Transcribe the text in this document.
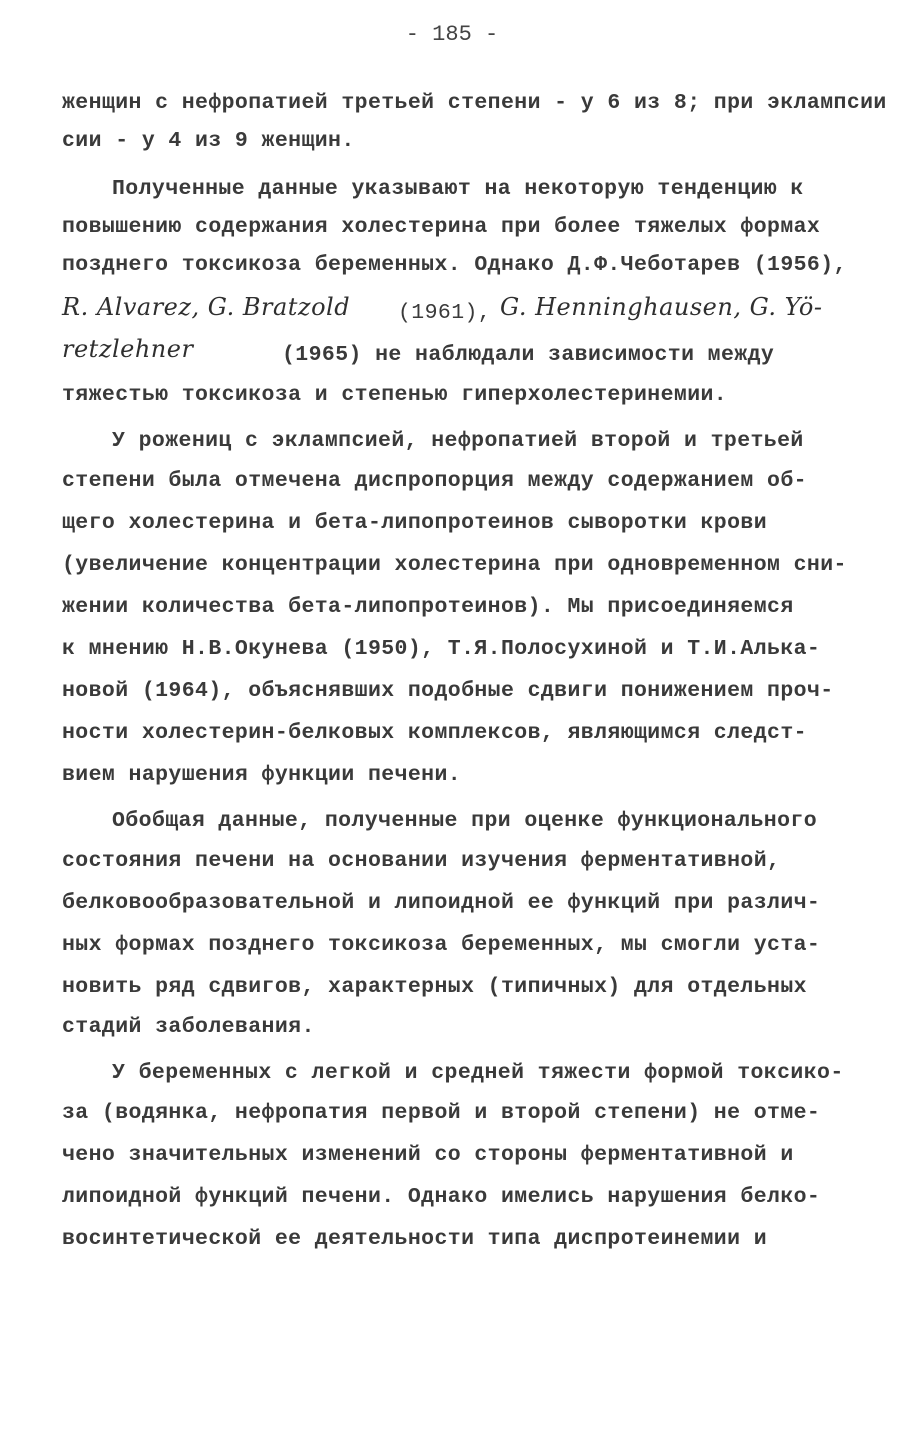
- 185 -
женщин с нефропатией третьей степени - у 6 из 8; при эклампсии
сии - у 4 из 9 женщин.
Полученные данные указывают на некоторую тенденцию к
повышению содержания холестерина при более тяжелых формах
позднего токсикоза беременных. Однако Д.Ф.Чеботарев (1956),
R. Alvarez, G. Bratzold (1961), G. Henninghausen, G. Yö-
retzlehner	(1965) не наблюдали зависимости между
тяжестью токсикоза и степенью гиперхолестеринемии.
У рожениц с эклампсией, нефропатией второй и третьей
степени была отмечена диспропорция между содержанием об-
щего холестерина и бета-липопротеинов сыворотки крови
(увеличение концентрации холестерина при одновременном сни-
жении количества бета-липопротеинов). Мы присоединяемся
к мнению Н.В.Окунева (1950), Т.Я.Полосухиной и Т.И.Алька-
новой (1964), объяснявших подобные сдвиги понижением проч-
ности холестерин-белковых комплексов, являющимся следст-
вием нарушения функции печени.
Обобщая данные, полученные при оценке функционального
состояния печени на основании изучения ферментативной,
белковообразовательной и липоидной ее функций при различ-
ных формах позднего токсикоза беременных, мы смогли уста-
новить ряд сдвигов, характерных (типичных) для отдельных
стадий заболевания.
У беременных с легкой и средней тяжести формой токсико-
за (водянка, нефропатия первой и второй степени) не отме-
чено значительных изменений со стороны ферментативной и
липоидной функций печени. Однако имелись нарушения белко-
восинтетической ее деятельности типа диспротеинемии и
